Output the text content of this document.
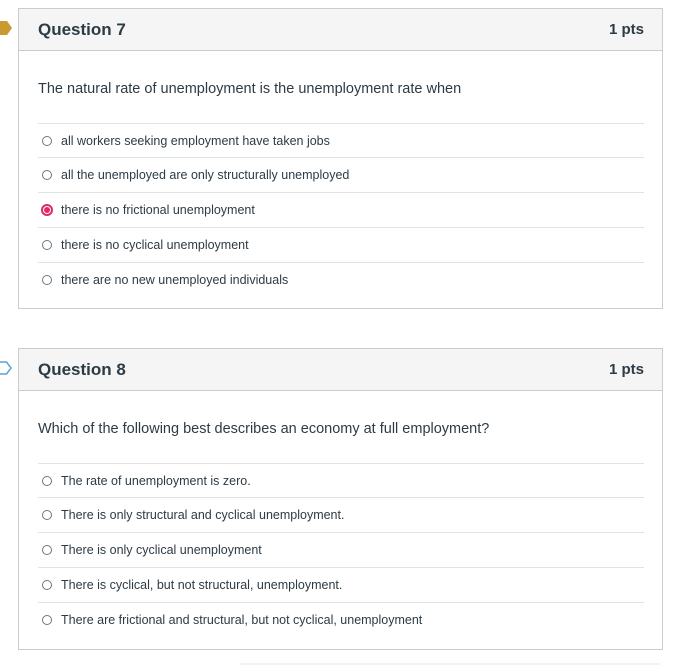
Question 7	1 pts
The natural rate of unemployment is the unemployment rate when
all workers seeking employment have taken jobs
all the unemployed are only structurally unemployed
there is no frictional unemployment
there is no cyclical unemployment
there are no new unemployed individuals
Question 8	1 pts
Which of the following best describes an economy at full employment?
The rate of unemployment is zero.
There is only structural and cyclical unemployment.
There is only cyclical unemployment
There is cyclical, but not structural, unemployment.
There are frictional and structural, but not cyclical, unemployment
